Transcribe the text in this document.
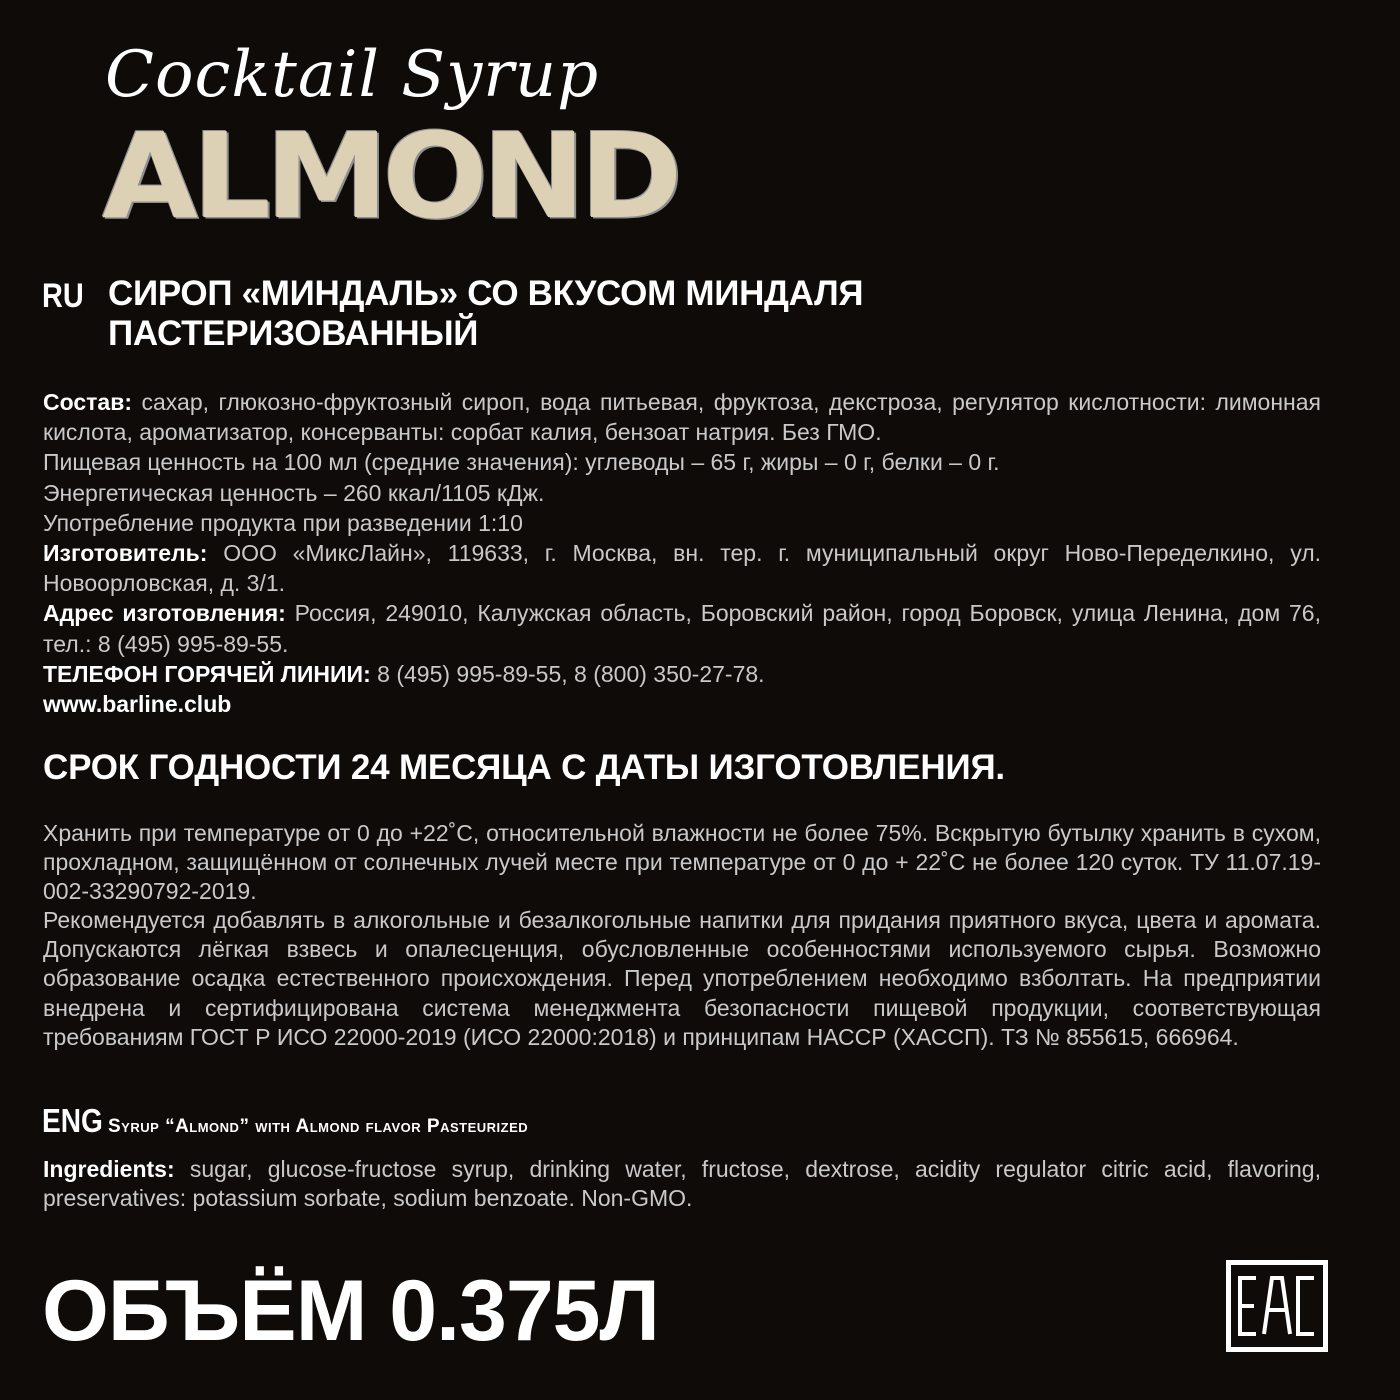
Cocktail Syrup
ALMOND
RU СИРОП «МИНДАЛЬ» СО ВКУСОМ МИНДАЛЯ
ПАСТЕРИЗОВАННЫЙ

Состав: сахар, глюкозно-фруктозный сироп, вода питьевая, фруктоза, декстроза, регулятор кислотности: лимонная кислота, ароматизатор, консерванты: сорбат калия, бензоат натрия. Без ГМО.

Пищевая ценность на 100 мл (средние значения): углеводы – 65 г, жиры – 0 г, белки – 0 г.

Энергетическая ценность – 260 ккал/1105 кДж.

Употребление продукта при разведении 1:10

Изготовитель: ООО «МиксЛайн», 119633, г. Москва, вн. тер. г. муниципальный округ Ново-Переделкино, ул. Новоорловская, д. 3/1.

Адрес изготовления: Россия, 249010, Калужская область, Боровский район, город Боровск, улица Ленина, дом 76, тел.: 8 (495) 995-89-55.

ТЕЛЕФОН ГОРЯЧЕЙ ЛИНИИ: 8 (495) 995-89-55, 8 (800) 350-27-78.

www.barline.club

СРОК ГОДНОСТИ 24 МЕСЯЦА С ДАТЫ ИЗГОТОВЛЕНИЯ.

Хранить при температуре от 0 до +22˚С, относительной влажности не более 75%. Вскрытую бутылку хранить в сухом, прохладном, защищённом от солнечных лучей месте при температуре от 0 до + 22˚С не более 120 суток. ТУ 11.07.19-002-33290792-2019.

Рекомендуется добавлять в алкогольные и безалкогольные напитки для придания приятного вкуса, цвета и аромата. Допускаются лёгкая взвесь и опалесценция, обусловленные особенностями используемого сырья. Возможно образование осадка естественного происхождения. Перед употреблением необходимо взболтать. На предприятии внедрена и сертифицирована система менеджмента безопасности пищевой продукции, соответствующая требованиям ГОСТ Р ИСО 22000-2019 (ИСО 22000:2018) и принципам НАССР (ХАССП). ТЗ № 855615, 666964.

ENG Syrup “Almond” with Almond flavor Pasteurized

Ingredients: sugar, glucose-fructose syrup, drinking water, fructose, dextrose, acidity regulator citric acid, flavoring, preservatives: potassium sorbate, sodium benzoate. Non-GMO.

ОБЪЁМ 0.375Л
